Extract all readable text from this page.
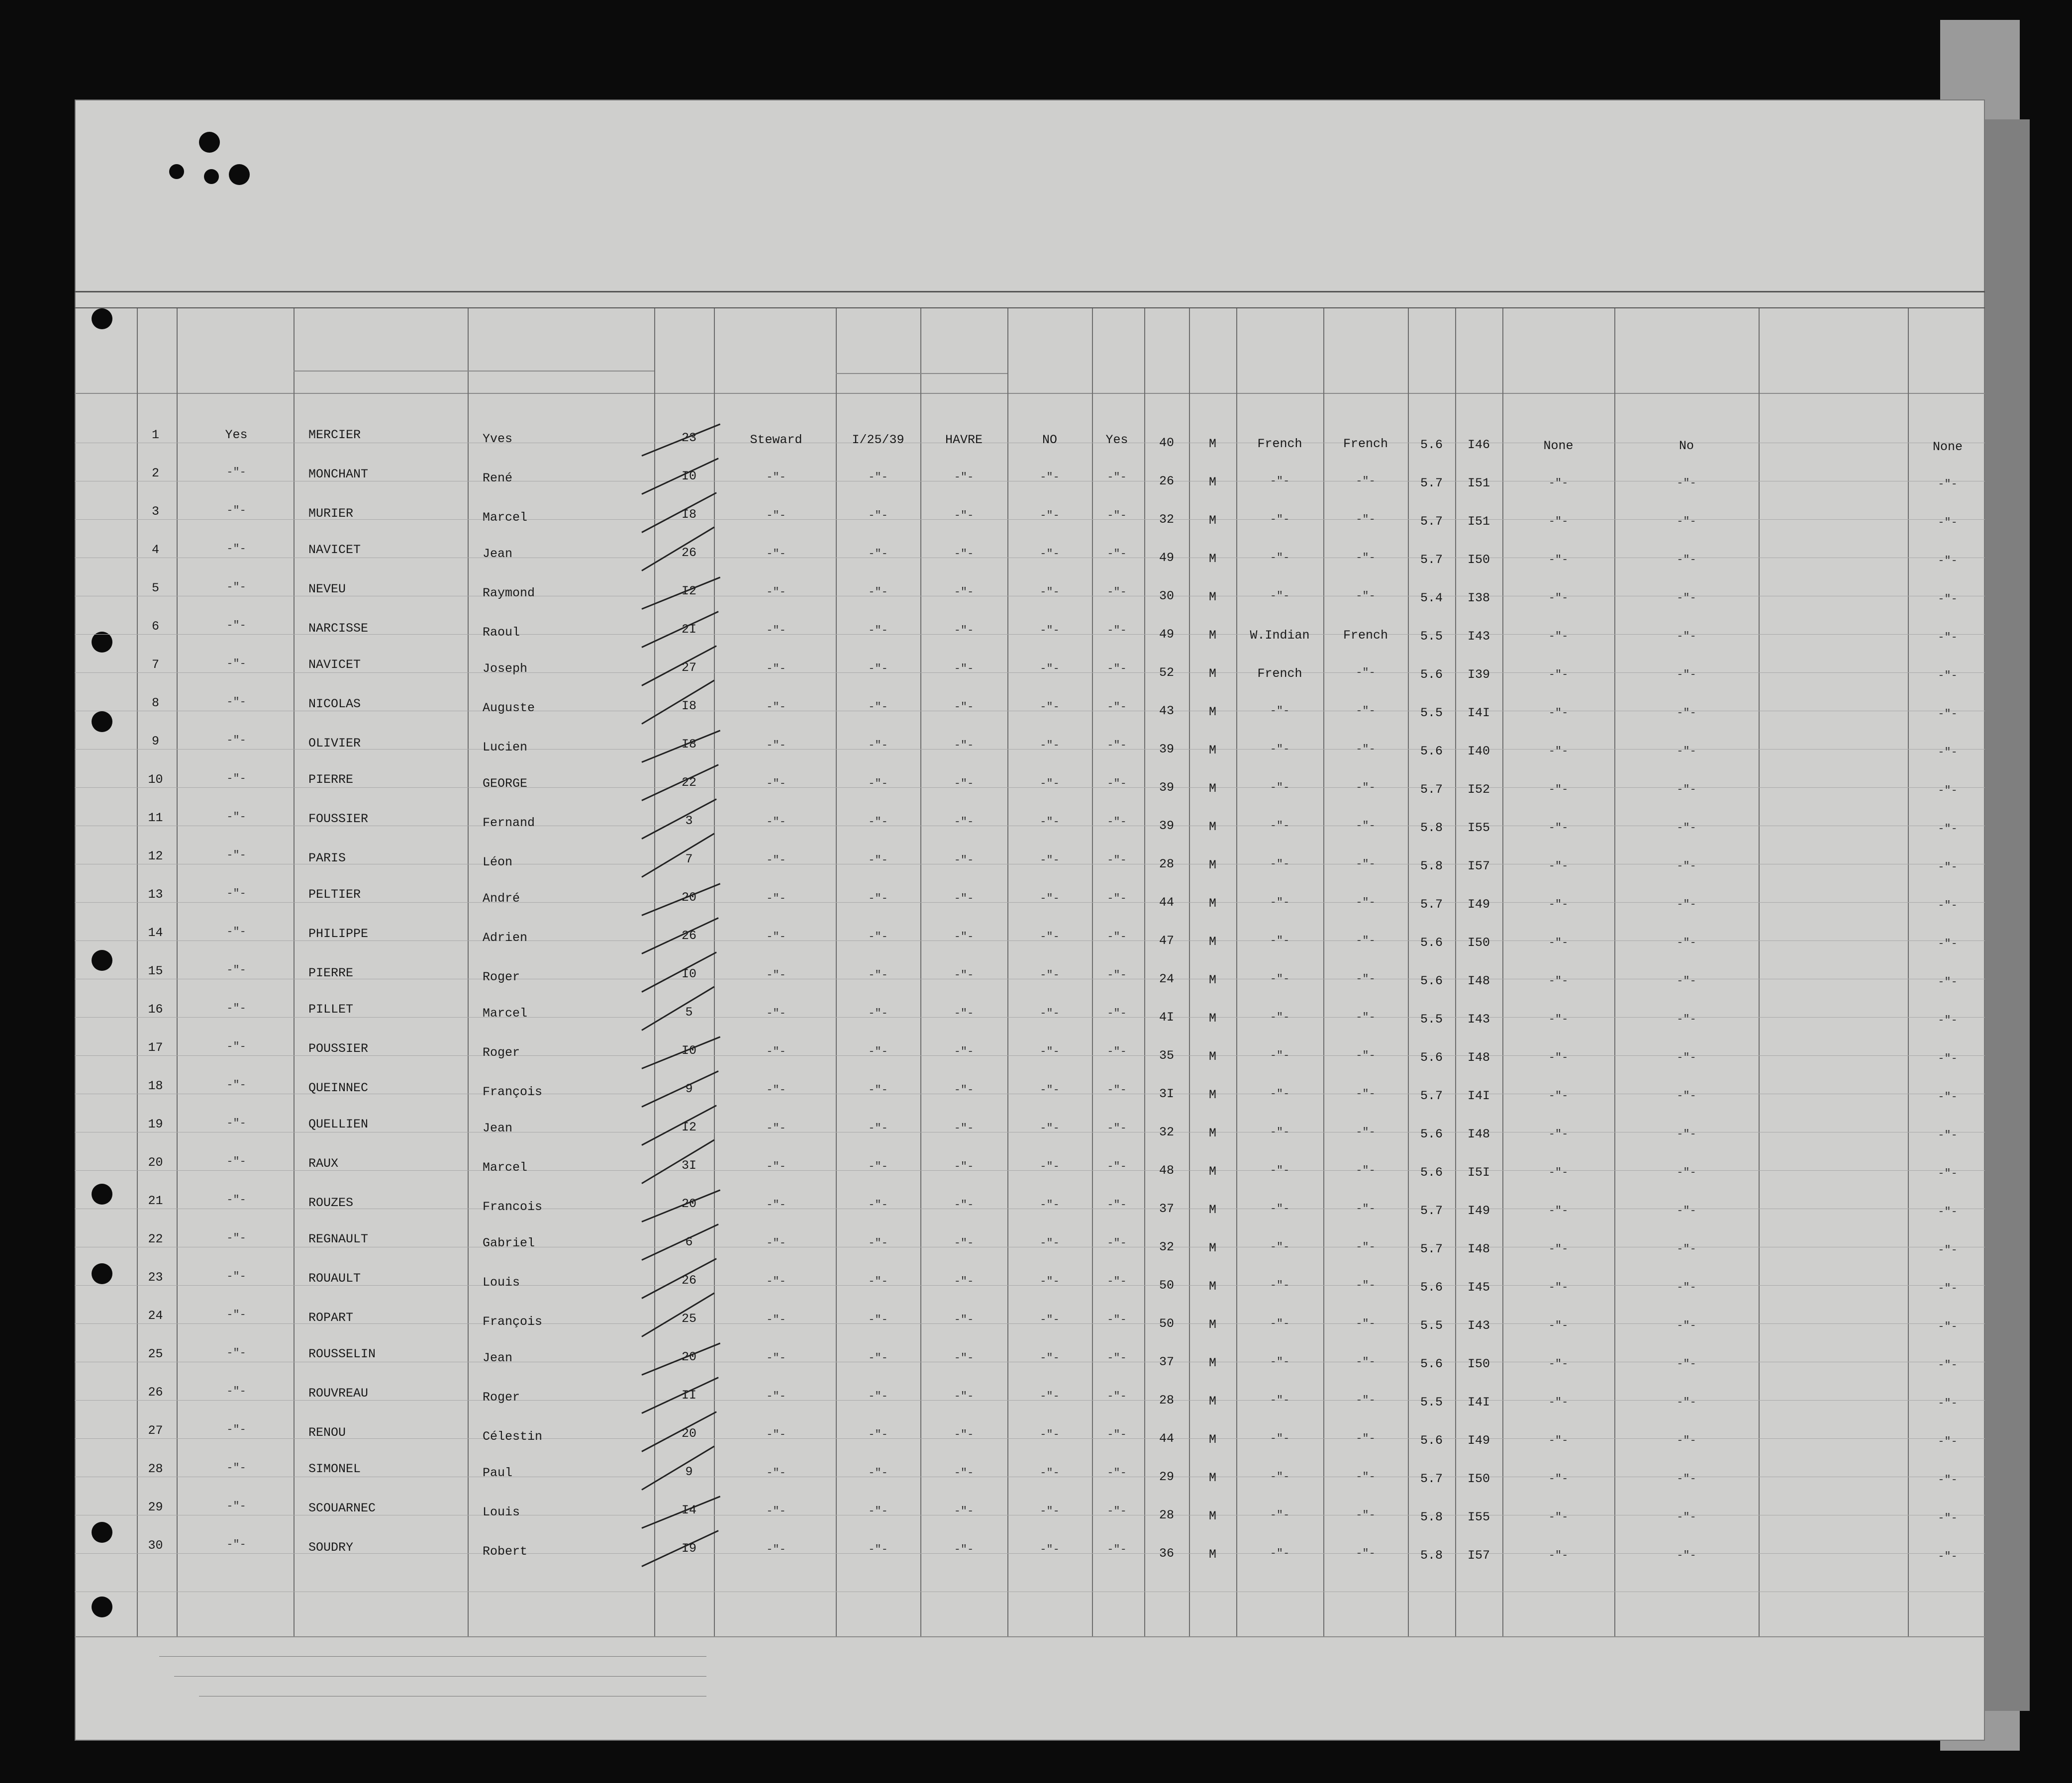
1	Yes	MERCIER	Yves	23	Steward	I/25/39	HAVRE	NO	Yes	40	M	French	French	5.6	I46	None	No	None
2	-"-	MONCHANT	René	I0	-"-	-"-	-"-	-"-	-"-	26	M	-"-	-"-	5.7	I51	-"-	-"-	-"-
3	-"-	MURIER	Marcel	I8	-"-	-"-	-"-	-"-	-"-	32	M	-"-	-"-	5.7	I51	-"-	-"-	-"-
4	-"-	NAVICET	Jean	26	-"-	-"-	-"-	-"-	-"-	49	M	-"-	-"-	5.7	I50	-"-	-"-	-"-
5	-"-	NEVEU	Raymond	I2	-"-	-"-	-"-	-"-	-"-	30	M	-"-	-"-	5.4	I38	-"-	-"-	-"-
6	-"-	NARCISSE	Raoul	2I	-"-	-"-	-"-	-"-	-"-	49	M	W.Indian	French	5.5	I43	-"-	-"-	-"-
7	-"-	NAVICET	Joseph	27	-"-	-"-	-"-	-"-	-"-	52	M	French	-"-	5.6	I39	-"-	-"-	-"-
8	-"-	NICOLAS	Auguste	I8	-"-	-"-	-"-	-"-	-"-	43	M	-"-	-"-	5.5	I4I	-"-	-"-	-"-
9	-"-	OLIVIER	Lucien	I8	-"-	-"-	-"-	-"-	-"-	39	M	-"-	-"-	5.6	I40	-"-	-"-	-"-
10	-"-	PIERRE	GEORGE	22	-"-	-"-	-"-	-"-	-"-	39	M	-"-	-"-	5.7	I52	-"-	-"-	-"-
11	-"-	FOUSSIER	Fernand	3	-"-	-"-	-"-	-"-	-"-	39	M	-"-	-"-	5.8	I55	-"-	-"-	-"-
12	-"-	PARIS	Léon	7	-"-	-"-	-"-	-"-	-"-	28	M	-"-	-"-	5.8	I57	-"-	-"-	-"-
13	-"-	PELTIER	André	20	-"-	-"-	-"-	-"-	-"-	44	M	-"-	-"-	5.7	I49	-"-	-"-	-"-
14	-"-	PHILIPPE	Adrien	26	-"-	-"-	-"-	-"-	-"-	47	M	-"-	-"-	5.6	I50	-"-	-"-	-"-
15	-"-	PIERRE	Roger	I0	-"-	-"-	-"-	-"-	-"-	24	M	-"-	-"-	5.6	I48	-"-	-"-	-"-
16	-"-	PILLET	Marcel	5	-"-	-"-	-"-	-"-	-"-	4I	M	-"-	-"-	5.5	I43	-"-	-"-	-"-
17	-"-	POUSSIER	Roger	I0	-"-	-"-	-"-	-"-	-"-	35	M	-"-	-"-	5.6	I48	-"-	-"-	-"-
18	-"-	QUEINNEC	François	9	-"-	-"-	-"-	-"-	-"-	3I	M	-"-	-"-	5.7	I4I	-"-	-"-	-"-
19	-"-	QUELLIEN	Jean	I2	-"-	-"-	-"-	-"-	-"-	32	M	-"-	-"-	5.6	I48	-"-	-"-	-"-
20	-"-	RAUX	Marcel	3I	-"-	-"-	-"-	-"-	-"-	48	M	-"-	-"-	5.6	I5I	-"-	-"-	-"-
21	-"-	ROUZES	Francois	20	-"-	-"-	-"-	-"-	-"-	37	M	-"-	-"-	5.7	I49	-"-	-"-	-"-
22	-"-	REGNAULT	Gabriel	6	-"-	-"-	-"-	-"-	-"-	32	M	-"-	-"-	5.7	I48	-"-	-"-	-"-
23	-"-	ROUAULT	Louis	26	-"-	-"-	-"-	-"-	-"-	50	M	-"-	-"-	5.6	I45	-"-	-"-	-"-
24	-"-	ROPART	François	25	-"-	-"-	-"-	-"-	-"-	50	M	-"-	-"-	5.5	I43	-"-	-"-	-"-
25	-"-	ROUSSELIN	Jean	20	-"-	-"-	-"-	-"-	-"-	37	M	-"-	-"-	5.6	I50	-"-	-"-	-"-
26	-"-	ROUVREAU	Roger	II	-"-	-"-	-"-	-"-	-"-	28	M	-"-	-"-	5.5	I4I	-"-	-"-	-"-
27	-"-	RENOU	Célestin	20	-"-	-"-	-"-	-"-	-"-	44	M	-"-	-"-	5.6	I49	-"-	-"-	-"-
28	-"-	SIMONEL	Paul	9	-"-	-"-	-"-	-"-	-"-	29	M	-"-	-"-	5.7	I50	-"-	-"-	-"-
29	-"-	SCOUARNEC	Louis	I4	-"-	-"-	-"-	-"-	-"-	28	M	-"-	-"-	5.8	I55	-"-	-"-	-"-
30	-"-	SOUDRY	Robert	I9	-"-	-"-	-"-	-"-	-"-	36	M	-"-	-"-	5.8	I57	-"-	-"-	-"-
